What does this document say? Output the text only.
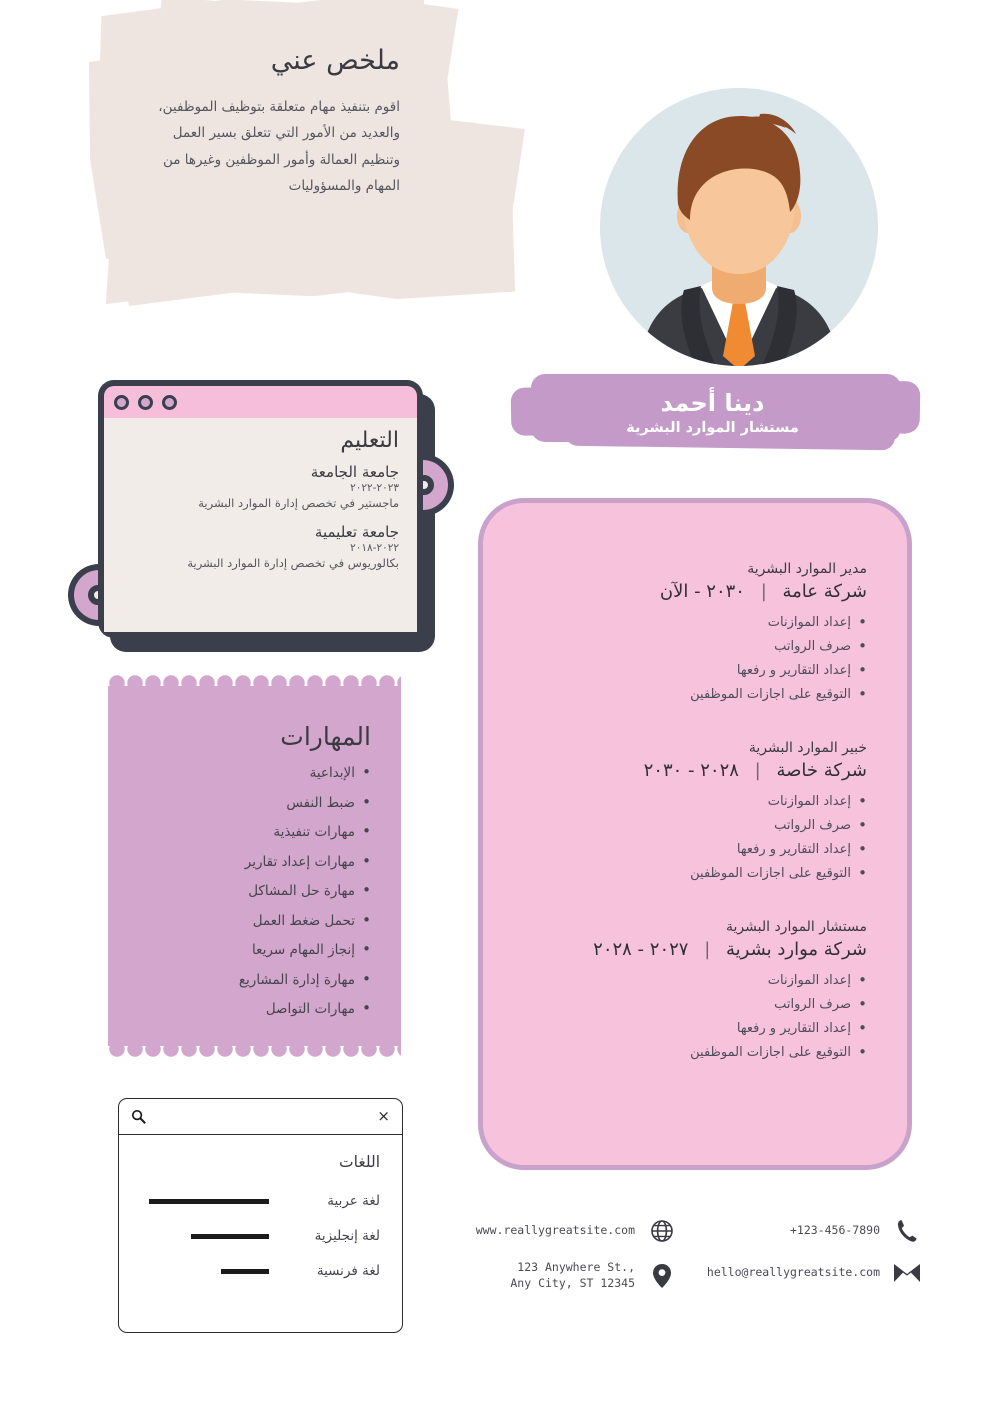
ملخص عني
اقوم بتنفيذ مهام متعلقة بتوظيف الموظفين، والعديد من الأمور التي تتعلق بسير العمل وتنظيم العمالة وأمور الموظفين وغيرها من المهام والمسؤوليات
دينا أحمد
مستشار الموارد البشرية
التعليم
جامعة الجامعة
٢٠٢٣-٢٠٢٢
ماجستير في تخصص إدارة الموارد البشرية
جامعة تعليمية
٢٠٢٢-٢٠١٨
بكالوريوس في تخصص إدارة الموارد البشرية
المهارات
• الإبداعية
• ضبط النفس
• مهارات تنفيذية
• مهارات إعداد تقارير
• مهارة حل المشاكل
• تحمل ضغط العمل
• إنجاز المهام سريعا
• مهارة إدارة المشاريع
• مهارات التواصل
×
اللغات
لغة عربية
لغة إنجليزية
لغة فرنسية
مدير الموارد البشرية
شركة عامة | ٢٠٣٠ - الآن
• إعداد الموازنات
• صرف الرواتب
• إعداد التقارير و رفعها
• التوقيع على اجازات الموظفين
خبير الموارد البشرية
شركة خاصة | ٢٠٢٨ - ٢٠٣٠
• إعداد الموازنات
• صرف الرواتب
• إعداد التقارير و رفعها
• التوقيع على اجازات الموظفين
مستشار الموارد البشرية
شركة موارد بشرية | ٢٠٢٧ - ٢٠٢٨
• إعداد الموازنات
• صرف الرواتب
• إعداد التقارير و رفعها
• التوقيع على اجازات الموظفين
www.reallygreatsite.com
123 Anywhere St.,
Any City, ST 12345
+123-456-7890
hello@reallygreatsite.com
